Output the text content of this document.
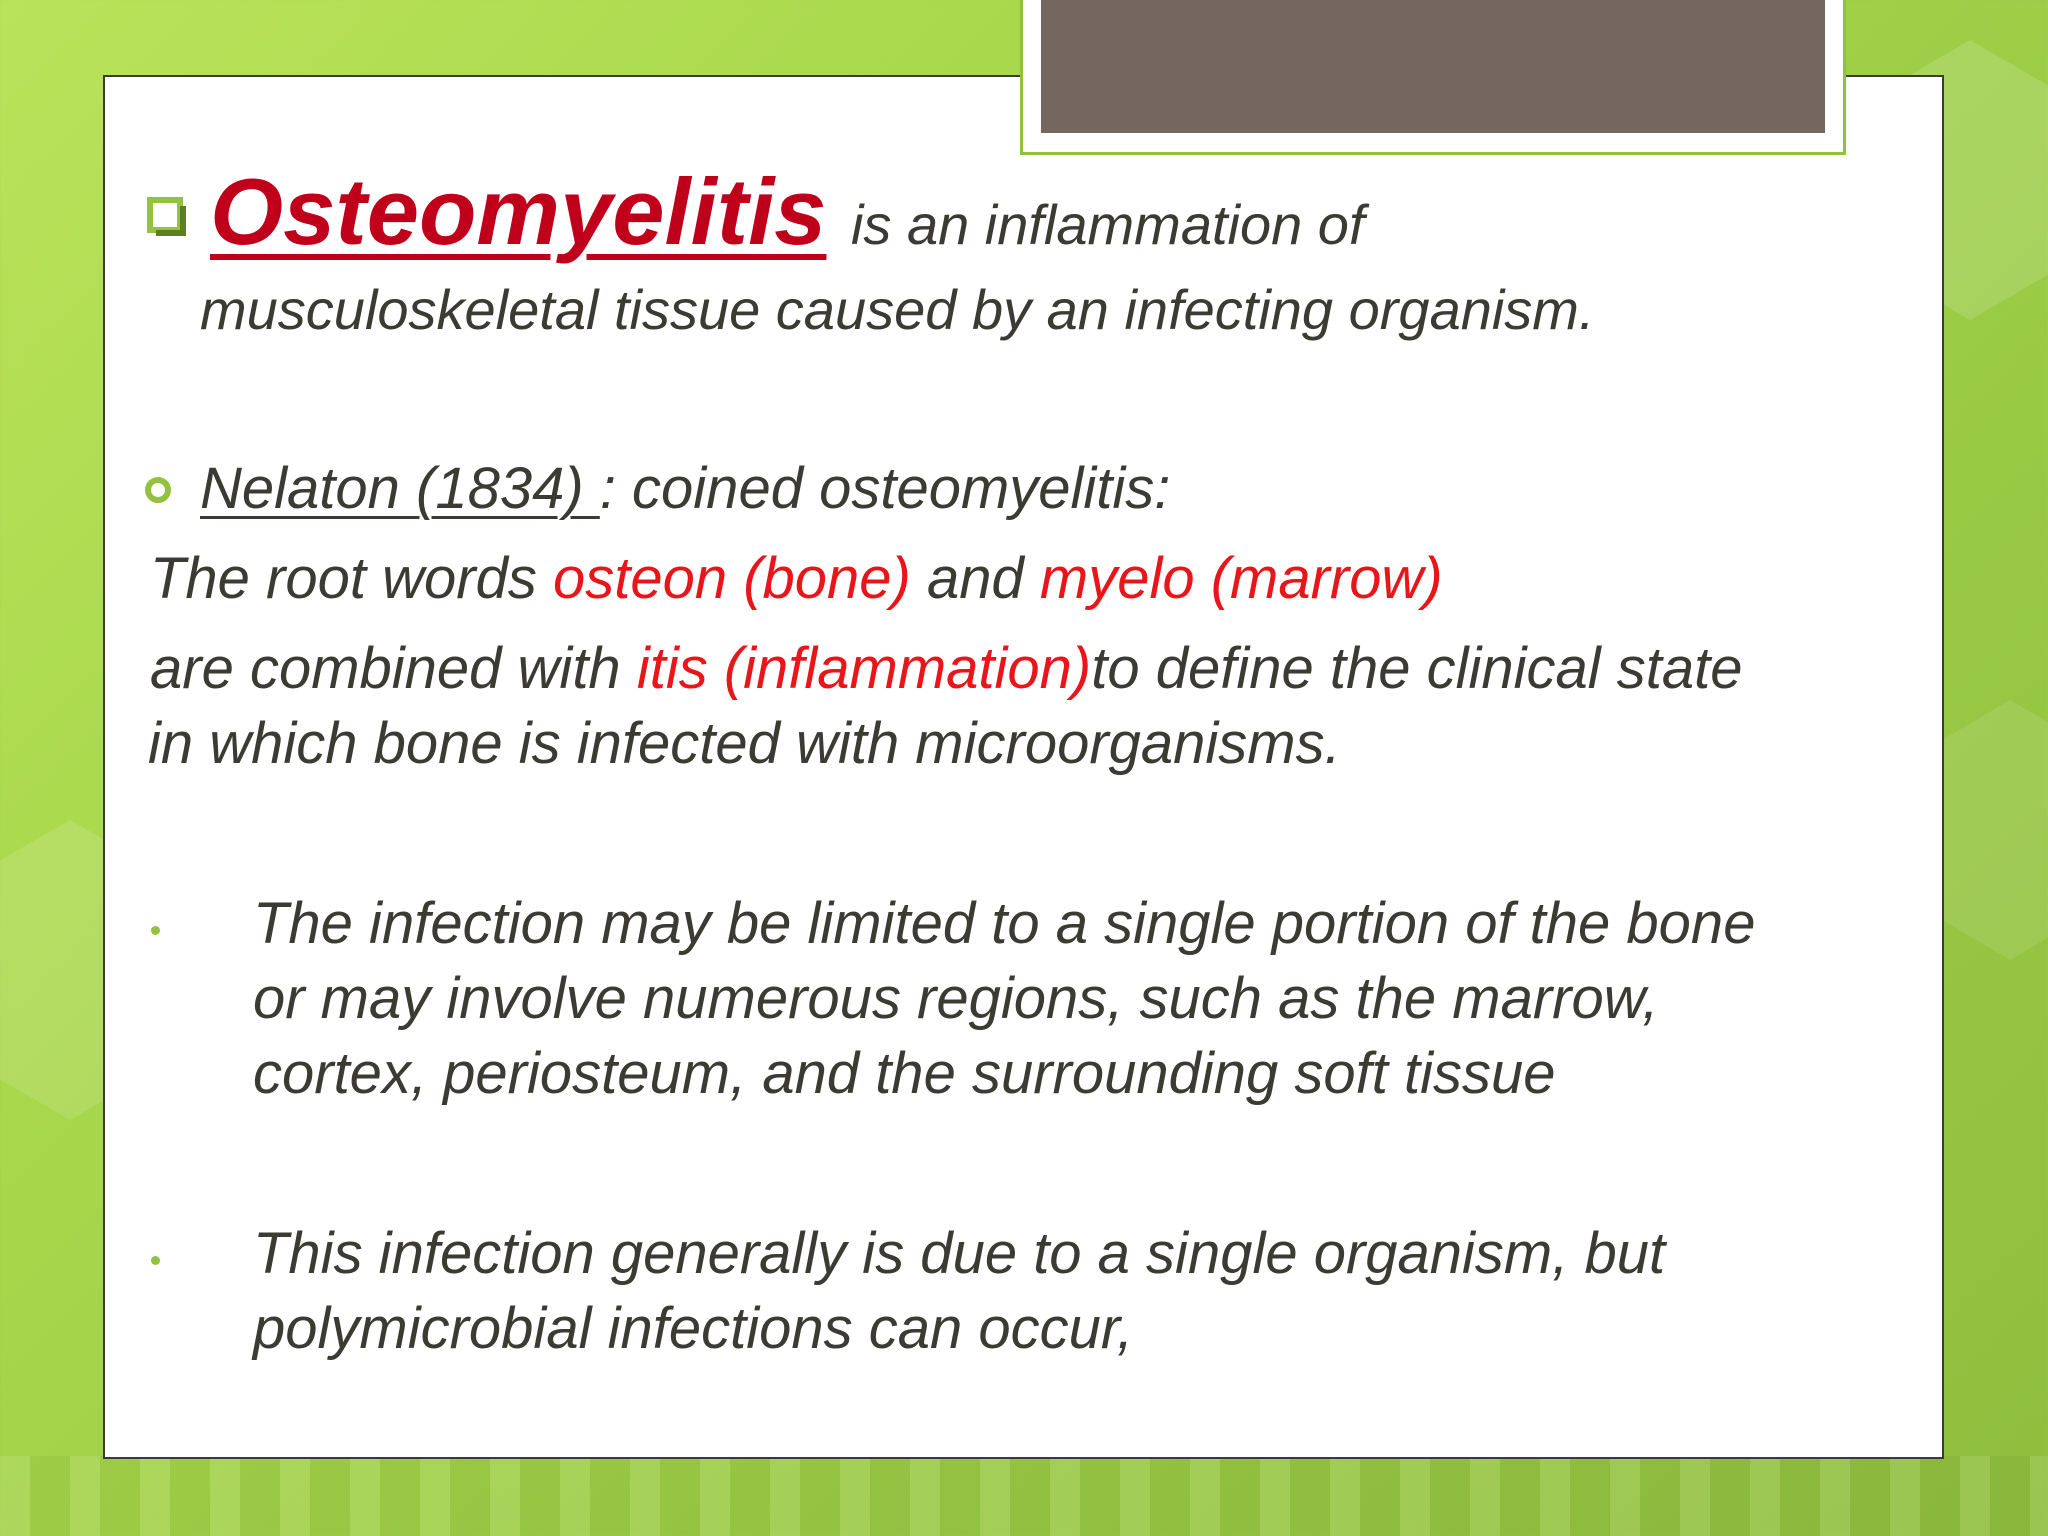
Osteomyelitis is an inflammation of
musculoskeletal tissue caused by an infecting organism.
Nelaton (1834) : coined osteomyelitis:
The root words osteon (bone) and myelo (marrow)
are combined with itis (inflammation)to define the clinical state
in which bone is infected with microorganisms.
The infection may be limited to a single portion of the bone
or may involve numerous regions, such as the marrow,
cortex, periosteum, and the surrounding soft tissue
This infection generally is due to a single organism, but
polymicrobial infections can occur,
